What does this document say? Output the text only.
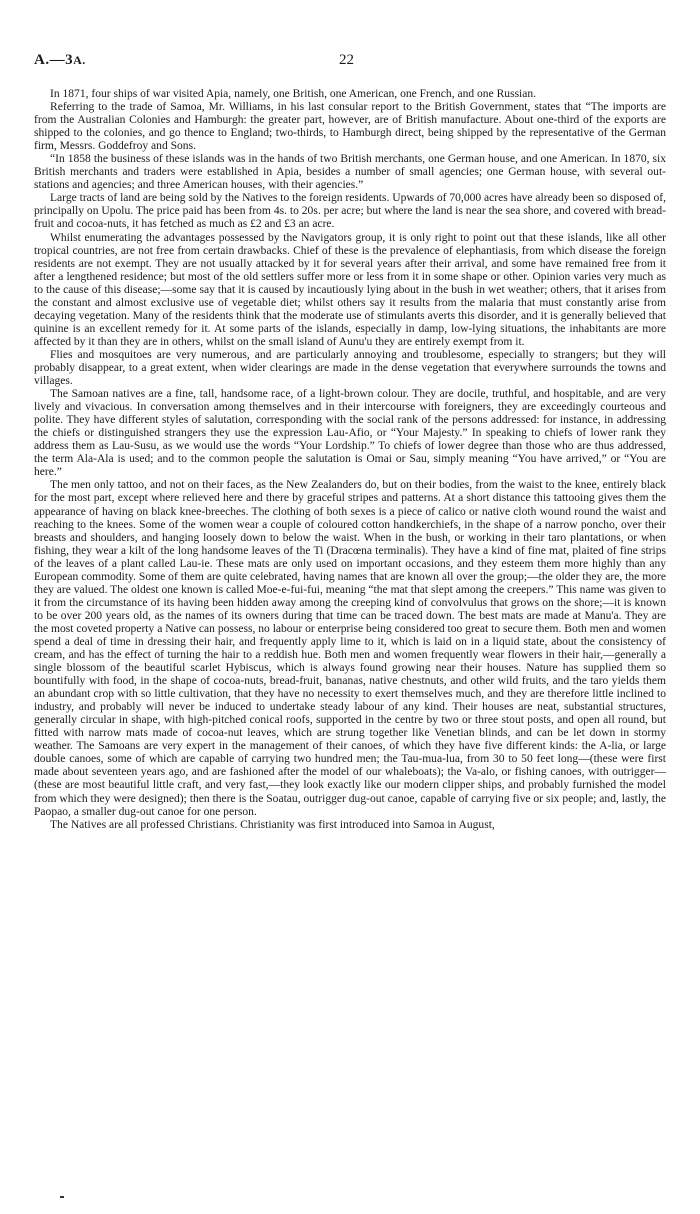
A.—3A.	22

In 1871, four ships of war visited Apia, namely, one British, one American, one French, and one Russian.

Referring to the trade of Samoa, Mr. Williams, in his last consular report to the British Government, states that “The imports are from the Australian Colonies and Hamburgh: the greater part, however, are of British manufacture. About one-third of the exports are shipped to the colonies, and go thence to England; two-thirds, to Hamburgh direct, being shipped by the representative of the German firm, Messrs. Goddefroy and Sons.

“In 1858 the business of these islands was in the hands of two British merchants, one German house, and one American. In 1870, six British merchants and traders were established in Apia, besides a number of small agencies; one German house, with several out-stations and agencies; and three American houses, with their agencies.”

Large tracts of land are being sold by the Natives to the foreign residents. Upwards of 70,000 acres have already been so disposed of, principally on Upolu. The price paid has been from 4s. to 20s. per acre; but where the land is near the sea shore, and covered with bread-fruit and cocoa-nuts, it has fetched as much as £2 and £3 an acre.

Whilst enumerating the advantages possessed by the Navigators group, it is only right to point out that these islands, like all other tropical countries, are not free from certain drawbacks. Chief of these is the prevalence of elephantiasis, from which disease the foreign residents are not exempt. They are not usually attacked by it for several years after their arrival, and some have remained free from it after a lengthened residence; but most of the old settlers suffer more or less from it in some shape or other. Opinion varies very much as to the cause of this disease;—some say that it is caused by incautiously lying about in the bush in wet weather; others, that it arises from the constant and almost exclusive use of vegetable diet; whilst others say it results from the malaria that must constantly arise from decaying vegetation. Many of the residents think that the moderate use of stimulants averts this disorder, and it is generally believed that quinine is an excellent remedy for it. At some parts of the islands, especially in damp, low-lying situations, the inhabitants are more affected by it than they are in others, whilst on the small island of Aunu'u they are entirely exempt from it.

Flies and mosquitoes are very numerous, and are particularly annoying and troublesome, especially to strangers; but they will probably disappear, to a great extent, when wider clearings are made in the dense vegetation that everywhere surrounds the towns and villages.

The Samoan natives are a fine, tall, handsome race, of a light-brown colour. They are docile, truthful, and hospitable, and are very lively and vivacious. In conversation among themselves and in their intercourse with foreigners, they are exceedingly courteous and polite. They have different styles of salutation, corresponding with the social rank of the persons addressed: for instance, in addressing the chiefs or distinguished strangers they use the expression Lau-Afio, or “Your Majesty.” In speaking to chiefs of lower rank they address them as Lau-Susu, as we would use the words “Your Lordship.” To chiefs of lower degree than those who are thus addressed, the term Ala-Ala is used; and to the common people the salutation is Omai or Sau, simply meaning “You have arrived,” or “You are here.”

The men only tattoo, and not on their faces, as the New Zealanders do, but on their bodies, from the waist to the knee, entirely black for the most part, except where relieved here and there by graceful stripes and patterns. At a short distance this tattooing gives them the appearance of having on black knee-breeches. The clothing of both sexes is a piece of calico or native cloth wound round the waist and reaching to the knees. Some of the women wear a couple of coloured cotton handkerchiefs, in the shape of a narrow poncho, over their breasts and shoulders, and hanging loosely down to below the waist. When in the bush, or working in their taro plantations, or when fishing, they wear a kilt of the long handsome leaves of the Ti (Dracœna terminalis). They have a kind of fine mat, plaited of fine strips of the leaves of a plant called Lau-ie. These mats are only used on important occasions, and they esteem them more highly than any European commodity. Some of them are quite celebrated, having names that are known all over the group;—the older they are, the more they are valued. The oldest one known is called Moe-e-fui-fui, meaning “the mat that slept among the creepers.” This name was given to it from the circumstance of its having been hidden away among the creeping kind of convolvulus that grows on the shore;—it is known to be over 200 years old, as the names of its owners during that time can be traced down. The best mats are made at Manu'a. They are the most coveted property a Native can possess, no labour or enterprise being considered too great to secure them. Both men and women spend a deal of time in dressing their hair, and frequently apply lime to it, which is laid on in a liquid state, about the consistency of cream, and has the effect of turning the hair to a reddish hue. Both men and women frequently wear flowers in their hair,—generally a single blossom of the beautiful scarlet Hybiscus, which is always found growing near their houses. Nature has supplied them so bountifully with food, in the shape of cocoa-nuts, bread-fruit, bananas, native chestnuts, and other wild fruits, and the taro yields them an abundant crop with so little cultivation, that they have no necessity to exert themselves much, and they are therefore little inclined to industry, and probably will never be induced to undertake steady labour of any kind. Their houses are neat, substantial structures, generally circular in shape, with high-pitched conical roofs, supported in the centre by two or three stout posts, and open all round, but fitted with narrow mats made of cocoa-nut leaves, which are strung together like Venetian blinds, and can be let down in stormy weather. The Samoans are very expert in the management of their canoes, of which they have five different kinds: the A-lia, or large double canoes, some of which are capable of carrying two hundred men; the Tau-mua-lua, from 30 to 50 feet long—(these were first made about seventeen years ago, and are fashioned after the model of our whaleboats); the Va-alo, or fishing canoes, with outrigger—(these are most beautiful little craft, and very fast,—they look exactly like our modern clipper ships, and probably furnished the model from which they were designed); then there is the Soatau, outrigger dug-out canoe, capable of carrying five or six people; and, lastly, the Paopao, a smaller dug-out canoe for one person.

The Natives are all professed Christians. Christianity was first introduced into Samoa in August,
